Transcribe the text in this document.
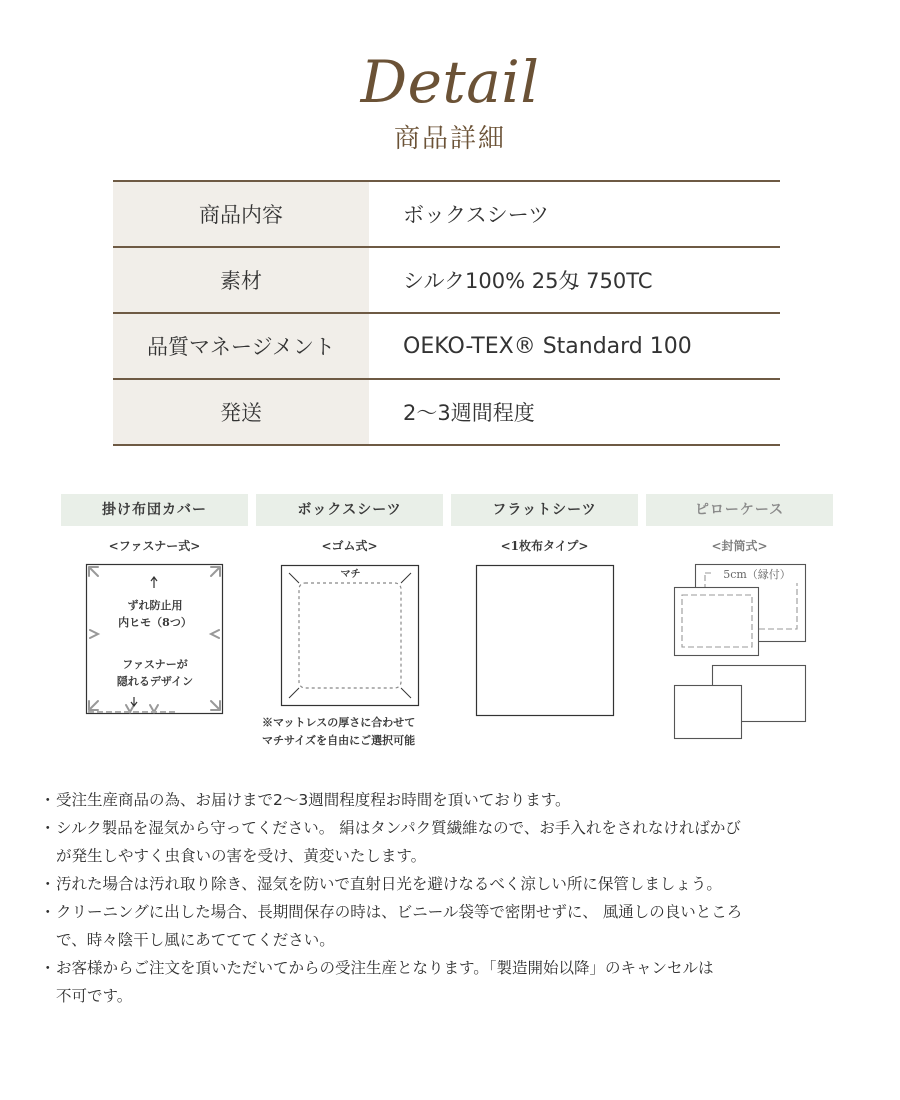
Detail
商品詳細
商品内容	ボックスシーツ
素材	シルク100% 25匁 750TC
品質マネージメント	OEKO-TEX® Standard 100
発送	2〜3週間程度
掛け布団カバー	ボックスシーツ	フラットシーツ	ピローケース
<ファスナー式>	<ゴム式>	<1枚布タイプ>	<封筒式>
ずれ防止用
内ヒモ（8つ）
ファスナーが
隠れるデザイン
マチ
※マットレスの厚さに合わせて
マチサイズを自由にご選択可能
5cm（縁付）
・ 受注生産商品の為、お届けまで2〜3週間程度程お時間を頂いております。
・ シルク製品を湿気から守ってください。 絹はタンパク質繊維なので、お手入れをされなければかび
が発生しやすく虫食いの害を受け、黄変いたします。
・ 汚れた場合は汚れ取り除き、湿気を防いで直射日光を避けなるべく涼しい所に保管しましょう。
・ クリーニングに出した場合、長期間保存の時は、ビニール袋等で密閉せずに、 風通しの良いところ
で、時々陰干し風にあてててください。
・ お客様からご注文を頂いただいてからの受注生産となります。「製造開始以降」のキャンセルは
不可です。
